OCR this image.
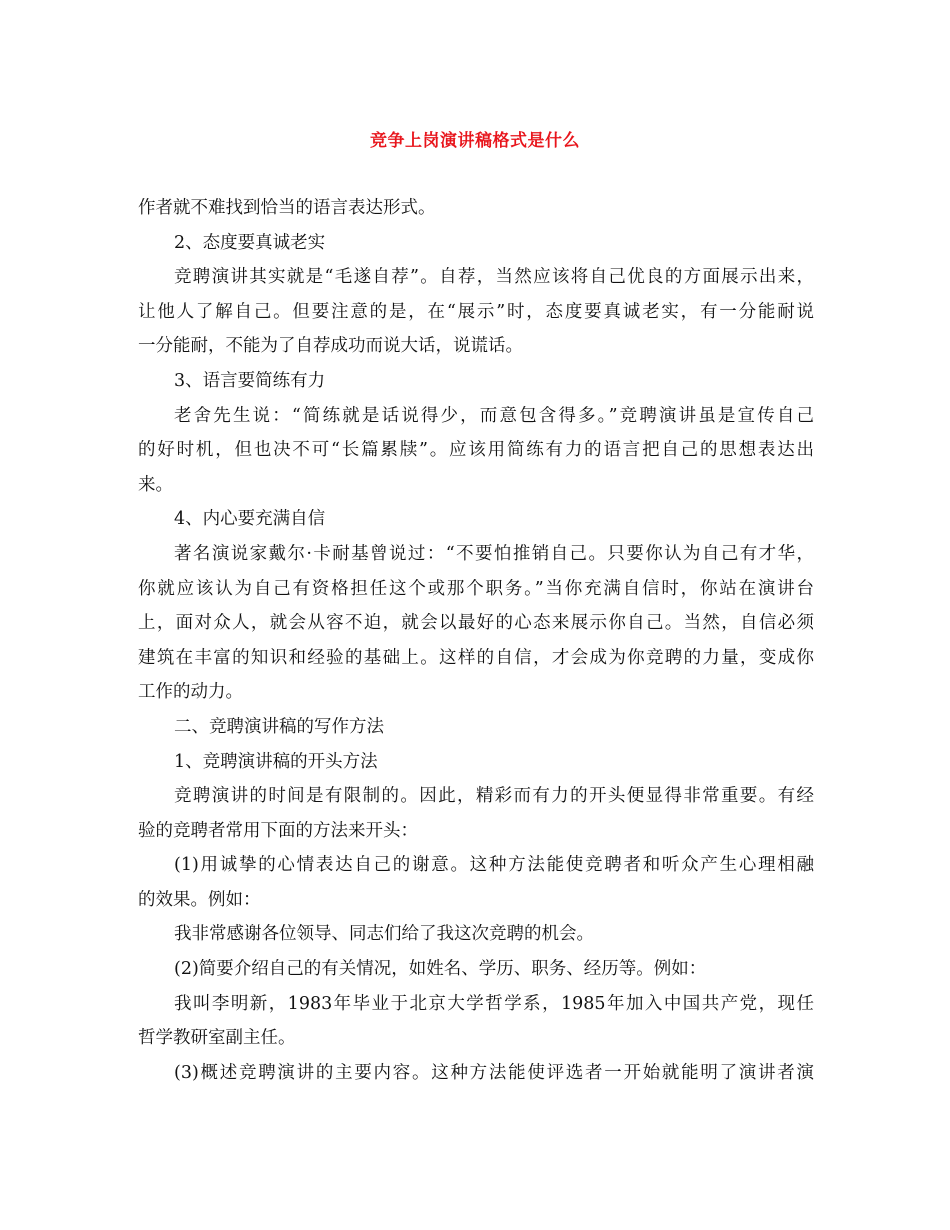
竞争上岗演讲稿格式是什么
作者就不难找到恰当的语言表达形式。
2、态度要真诚老实
竞聘演讲其实就是“毛遂自荐”。自荐，当然应该将自己优良的方面展示出来，
让他人了解自己。但要注意的是，在“展示”时，态度要真诚老实，有一分能耐说
一分能耐，不能为了自荐成功而说大话，说谎话。
3、语言要简练有力
老舍先生说：“简练就是话说得少，而意包含得多。”竞聘演讲虽是宣传自己
的好时机，但也决不可“长篇累牍”。应该用简练有力的语言把自己的思想表达出
来。
4、内心要充满自信
著名演说家戴尔·卡耐基曾说过：“不要怕推销自己。只要你认为自己有才华，
你就应该认为自己有资格担任这个或那个职务。”当你充满自信时，你站在演讲台
上，面对众人，就会从容不迫，就会以最好的心态来展示你自己。当然，自信必须
建筑在丰富的知识和经验的基础上。这样的自信，才会成为你竞聘的力量，变成你
工作的动力。
二、竞聘演讲稿的写作方法
1、竞聘演讲稿的开头方法
竞聘演讲的时间是有限制的。因此，精彩而有力的开头便显得非常重要。有经
验的竞聘者常用下面的方法来开头：
(1)用诚挚的心情表达自己的谢意。这种方法能使竞聘者和听众产生心理相融
的效果。例如：
我非常感谢各位领导、同志们给了我这次竞聘的机会。
(2)简要介绍自己的有关情况，如姓名、学历、职务、经历等。例如：
我叫李明新，1983年毕业于北京大学哲学系，1985年加入中国共产党，现任
哲学教研室副主任。
(3)概述竞聘演讲的主要内容。这种方法能使评选者一开始就能明了演讲者演
